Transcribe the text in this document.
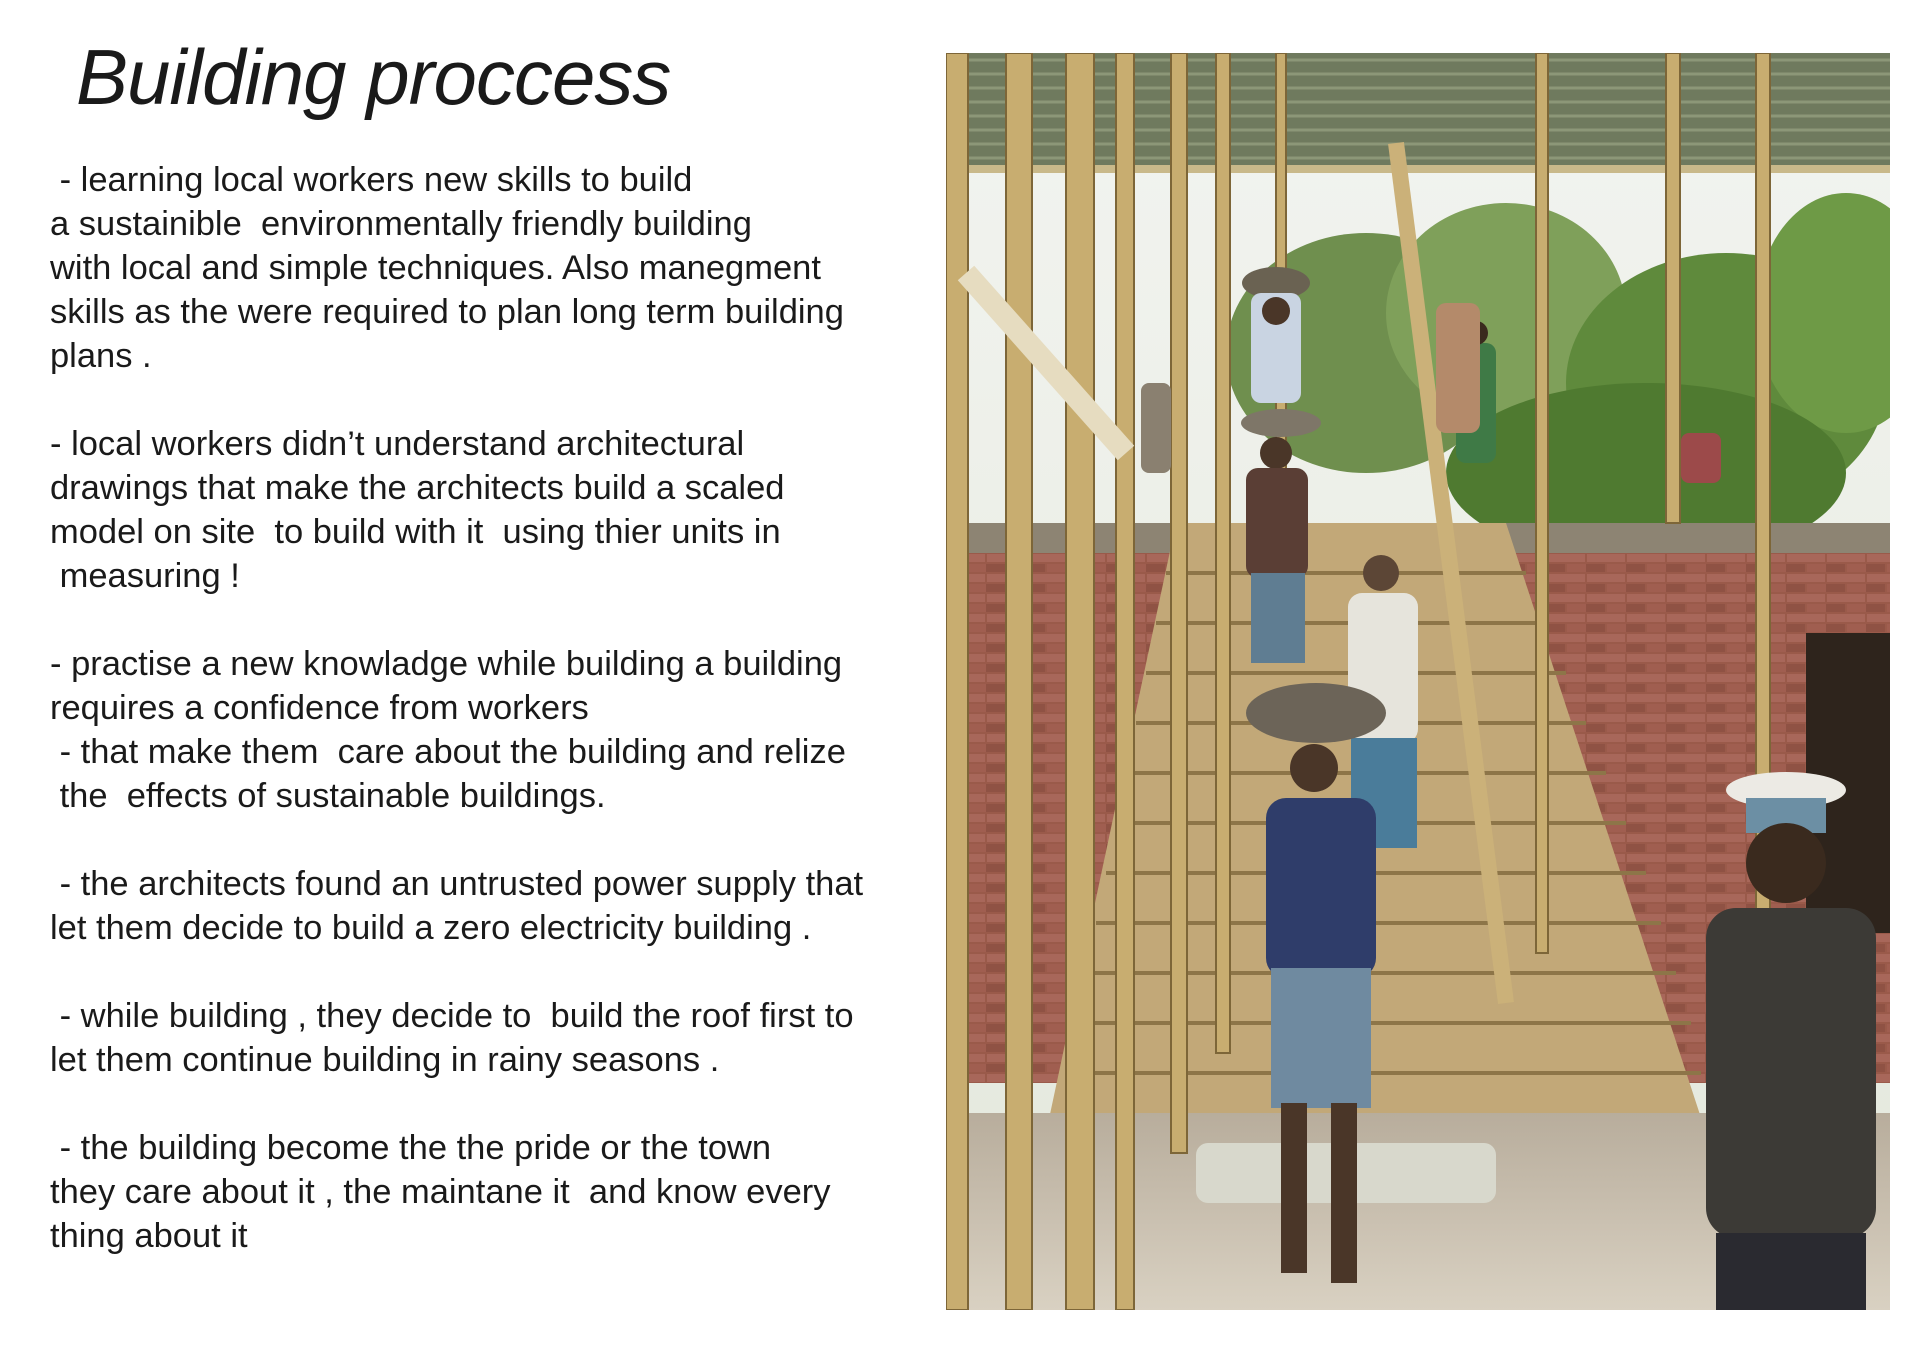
Building proccess

- learning local workers new skills to build
a sustainible  environmentally friendly building
with local and simple techniques. Also manegment
skills as the were required to plan long term building
plans .

- local workers didn’t understand architectural
drawings that make the architects build a scaled
model on site  to build with it  using thier units in
measuring !

- practise a new knowladge while building a building
requires a confidence from workers
- that make them  care about the building and relize
the  effects of sustainable buildings.

- the architects found an untrusted power supply that
let them decide to build a zero electricity building .

- while building , they decide to  build the roof first to
let them continue building in rainy seasons .

- the building become the the pride or the town
they care about it , the maintane it  and know every
thing about it
